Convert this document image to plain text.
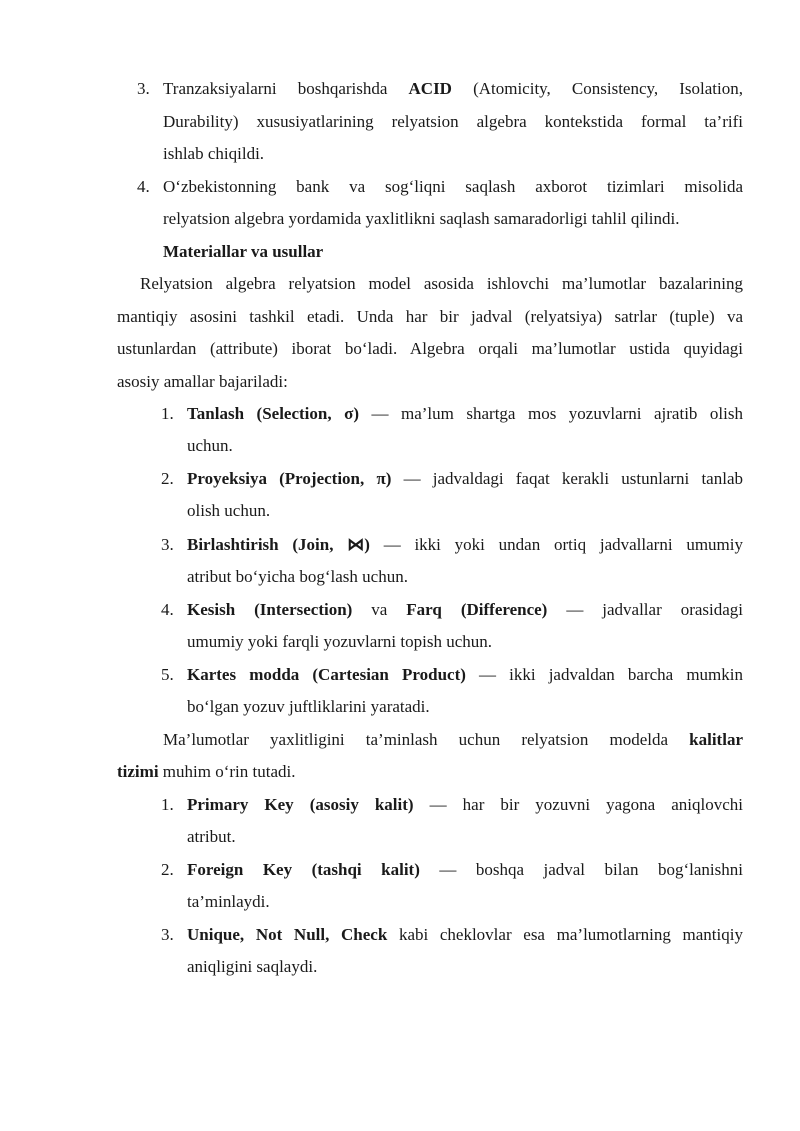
3. Tranzaksiyalarni boshqarishda ACID (Atomicity, Consistency, Isolation,
Durability) xususiyatlarining relyatsion algebra kontekstida formal ta’rifi
ishlab chiqildi.
4. O‘zbekistonning bank va sog‘liqni saqlash axborot tizimlari misolida
relyatsion algebra yordamida yaxlitlikni saqlash samaradorligi tahlil qilindi.
Materiallar va usullar
Relyatsion algebra relyatsion model asosida ishlovchi ma’lumotlar bazalarining
mantiqiy asosini tashkil etadi. Unda har bir jadval (relyatsiya) satrlar (tuple) va
ustunlardan (attribute) iborat bo‘ladi. Algebra orqali ma’lumotlar ustida quyidagi
asosiy amallar bajariladi:
1. Tanlash (Selection, σ) — ma’lum shartga mos yozuvlarni ajratib olish
uchun.
2. Proyeksiya (Projection, π) — jadvaldagi faqat kerakli ustunlarni tanlab
olish uchun.
3. Birlashtirish (Join, ⋈) — ikki yoki undan ortiq jadvallarni umumiy
atribut bo‘yicha bog‘lash uchun.
4. Kesish (Intersection) va Farq (Difference) — jadvallar orasidagi
umumiy yoki farqli yozuvlarni topish uchun.
5. Kartes modda (Cartesian Product) — ikki jadvaldan barcha mumkin
bo‘lgan yozuv juftliklarini yaratadi.
Ma’lumotlar yaxlitligini ta’minlash uchun relyatsion modelda kalitlar
tizimi muhim o‘rin tutadi.
1. Primary Key (asosiy kalit) — har bir yozuvni yagona aniqlovchi
atribut.
2. Foreign Key (tashqi kalit) — boshqa jadval bilan bog‘lanishni
ta’minlaydi.
3. Unique, Not Null, Check kabi cheklovlar esa ma’lumotlarning mantiqiy
aniqligini saqlaydi.
